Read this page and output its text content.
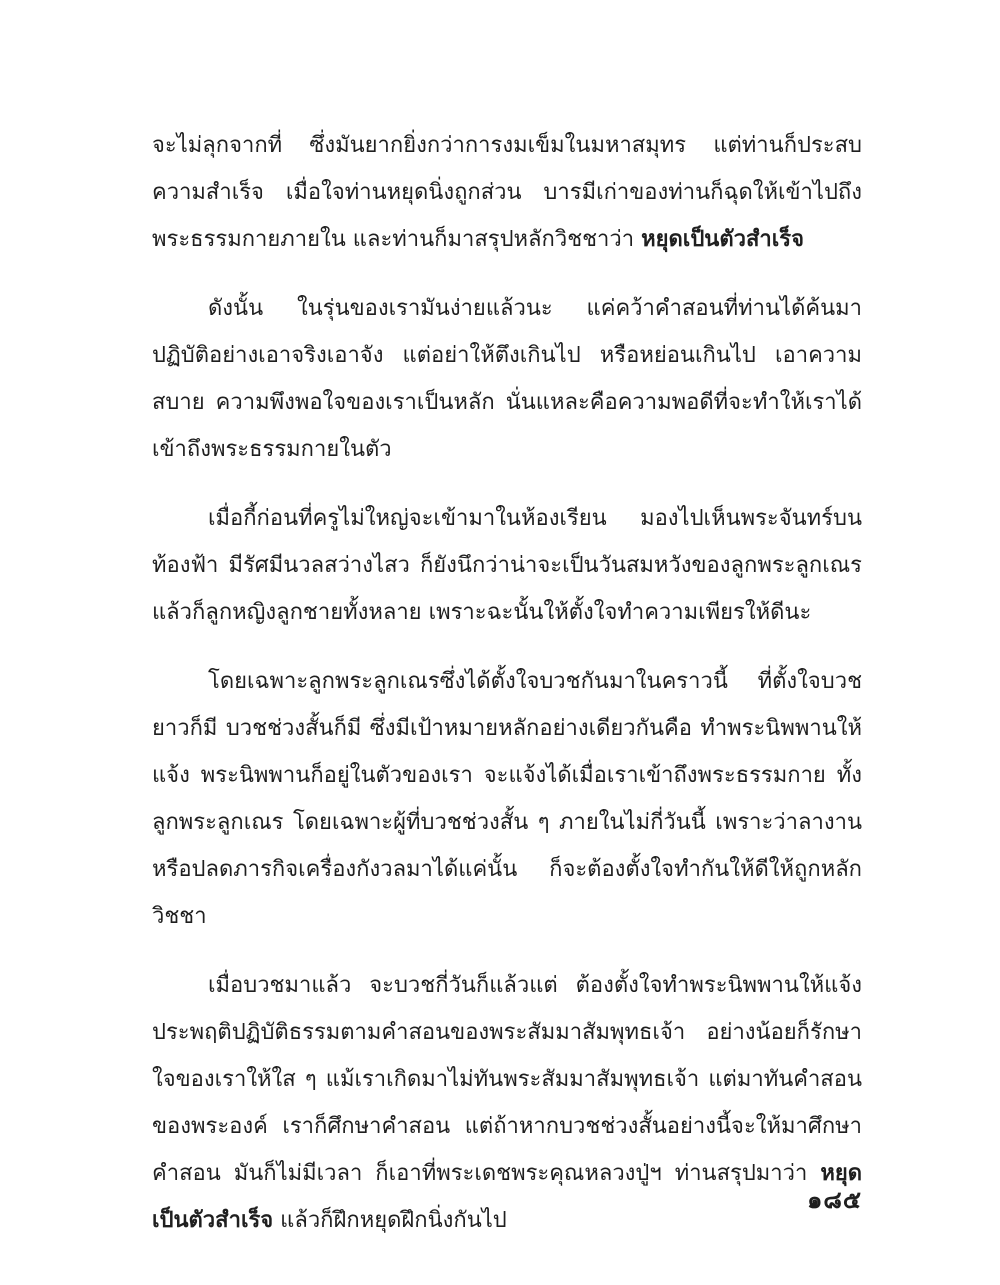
จะไม่ลุกจากที่ ซึ่งมันยากยิ่งกว่าการงมเข็มในมหาสมุทร แต่ท่านก็ประสบความสำเร็จ เมื่อใจท่านหยุดนิ่งถูกส่วน บารมีเก่าของท่านก็ฉุดให้เข้าไปถึงพระธรรมกายภายใน และท่านก็มาสรุปหลักวิชชาว่า หยุดเป็นตัวสำเร็จ

ดังนั้น ในรุ่นของเรามันง่ายแล้วนะ แค่คว้าคำสอนที่ท่านได้ค้นมาปฏิบัติอย่างเอาจริงเอาจัง แต่อย่าให้ตึงเกินไป หรือหย่อนเกินไป เอาความสบาย ความพึงพอใจของเราเป็นหลัก นั่นแหละคือความพอดีที่จะทำให้เราได้เข้าถึงพระธรรมกายในตัว

เมื่อกี้ก่อนที่ครูไม่ใหญ่จะเข้ามาในห้องเรียน มองไปเห็นพระจันทร์บนท้องฟ้า มีรัศมีนวลสว่างไสว ก็ยังนึกว่าน่าจะเป็นวันสมหวังของลูกพระลูกเณร แล้วก็ลูกหญิงลูกชายทั้งหลาย เพราะฉะนั้นให้ตั้งใจทำความเพียรให้ดีนะ

โดยเฉพาะลูกพระลูกเณรซึ่งได้ตั้งใจบวชกันมาในคราวนี้ ที่ตั้งใจบวชยาวก็มี บวชช่วงสั้นก็มี ซึ่งมีเป้าหมายหลักอย่างเดียวกันคือ ทำพระนิพพานให้แจ้ง พระนิพพานก็อยู่ในตัวของเรา จะแจ้งได้เมื่อเราเข้าถึงพระธรรมกาย ทั้งลูกพระลูกเณร โดยเฉพาะผู้ที่บวชช่วงสั้น ๆ ภายในไม่กี่วันนี้ เพราะว่าลางานหรือปลดภารกิจเครื่องกังวลมาได้แค่นั้น ก็จะต้องตั้งใจทำกันให้ดีให้ถูกหลักวิชชา

เมื่อบวชมาแล้ว จะบวชกี่วันก็แล้วแต่ ต้องตั้งใจทำพระนิพพานให้แจ้ง ประพฤติปฏิบัติธรรมตามคำสอนของพระสัมมาสัมพุทธเจ้า อย่างน้อยก็รักษาใจของเราให้ใส ๆ แม้เราเกิดมาไม่ทันพระสัมมาสัมพุทธเจ้า แต่มาทันคำสอนของพระองค์ เราก็ศึกษาคำสอน แต่ถ้าหากบวชช่วงสั้นอย่างนี้จะให้มาศึกษาคำสอน มันก็ไม่มีเวลา ก็เอาที่พระเดชพระคุณหลวงปู่ฯ ท่านสรุปมาว่า หยุดเป็นตัวสำเร็จ แล้วก็ฝึกหยุดฝึกนิ่งกันไป

๑๘๕
